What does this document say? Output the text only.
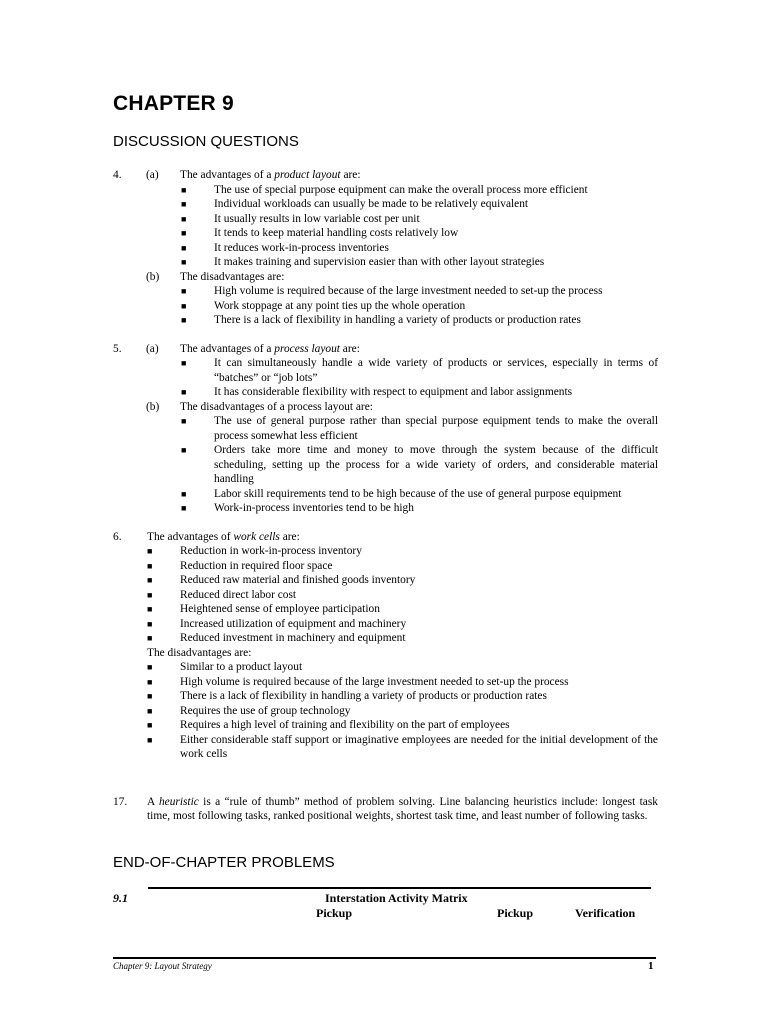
CHAPTER 9
DISCUSSION QUESTIONS
4. (a) The advantages of a product layout are:
■ The use of special purpose equipment can make the overall process more efficient
■ Individual workloads can usually be made to be relatively equivalent
■ It usually results in low variable cost per unit
■ It tends to keep material handling costs relatively low
■ It reduces work-in-process inventories
■ It makes training and supervision easier than with other layout strategies
(b) The disadvantages are:
■ High volume is required because of the large investment needed to set-up the process
■ Work stoppage at any point ties up the whole operation
■ There is a lack of flexibility in handling a variety of products or production rates
5. (a) The advantages of a process layout are:
■ It can simultaneously handle a wide variety of products or services, especially in terms of “batches” or “job lots”
■ It has considerable flexibility with respect to equipment and labor assignments
(b) The disadvantages of a process layout are:
■ The use of general purpose rather than special purpose equipment tends to make the overall process somewhat less efficient
■ Orders take more time and money to move through the system because of the difficult scheduling, setting up the process for a wide variety of orders, and considerable material handling
■ Labor skill requirements tend to be high because of the use of general purpose equipment
■ Work-in-process inventories tend to be high
6.	The advantages of work cells are:
■ Reduction in work-in-process inventory
■ Reduction in required floor space
■ Reduced raw material and finished goods inventory
■ Reduced direct labor cost
■ Heightened sense of employee participation
■ Increased utilization of equipment and machinery
■ Reduced investment in machinery and equipment
The disadvantages are:
■ Similar to a product layout
■ High volume is required because of the large investment needed to set-up the process
■ There is a lack of flexibility in handling a variety of products or production rates
■ Requires the use of group technology
■ Requires a high level of training and flexibility on the part of employees
■ Either considerable staff support or imaginative employees are needed for the initial development of the work cells
17. A heuristic is a “rule of thumb” method of problem solving. Line balancing heuristics include: longest task time, most following tasks, ranked positional weights, shortest task time, and least number of following tasks.
END-OF-CHAPTER PROBLEMS
9.1	Interstation Activity Matrix
Pickup	Pickup	Verification
Chapter 9: Layout Strategy	1
